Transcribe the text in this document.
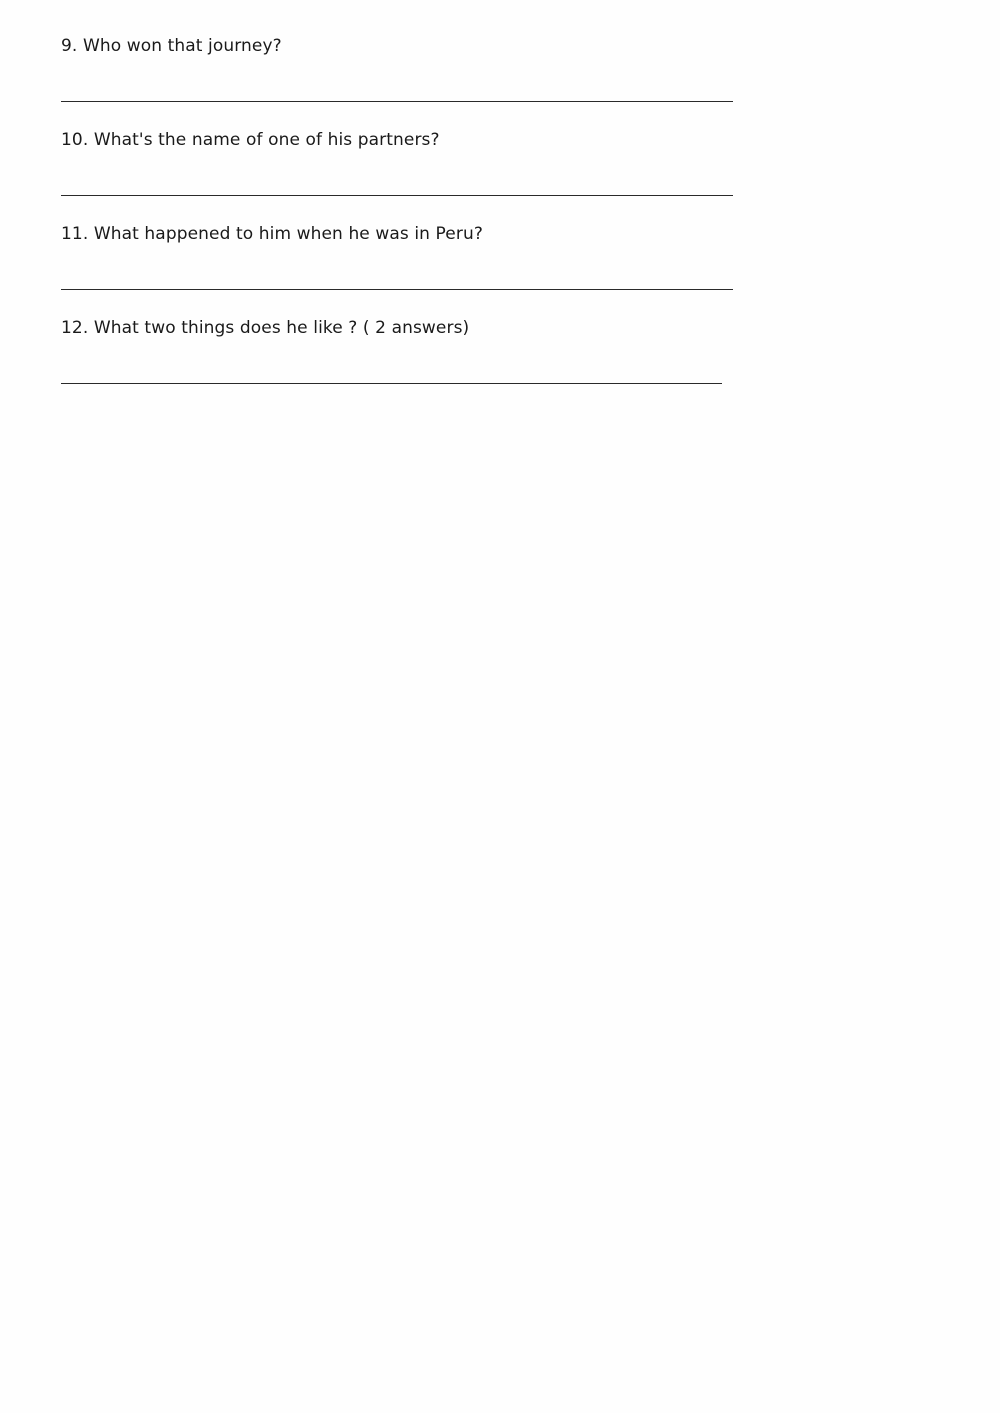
9. Who won that journey?
10. What's the name of one of his partners?
11. What happened to him when he was in Peru?
12. What two things does he like ? ( 2 answers)
